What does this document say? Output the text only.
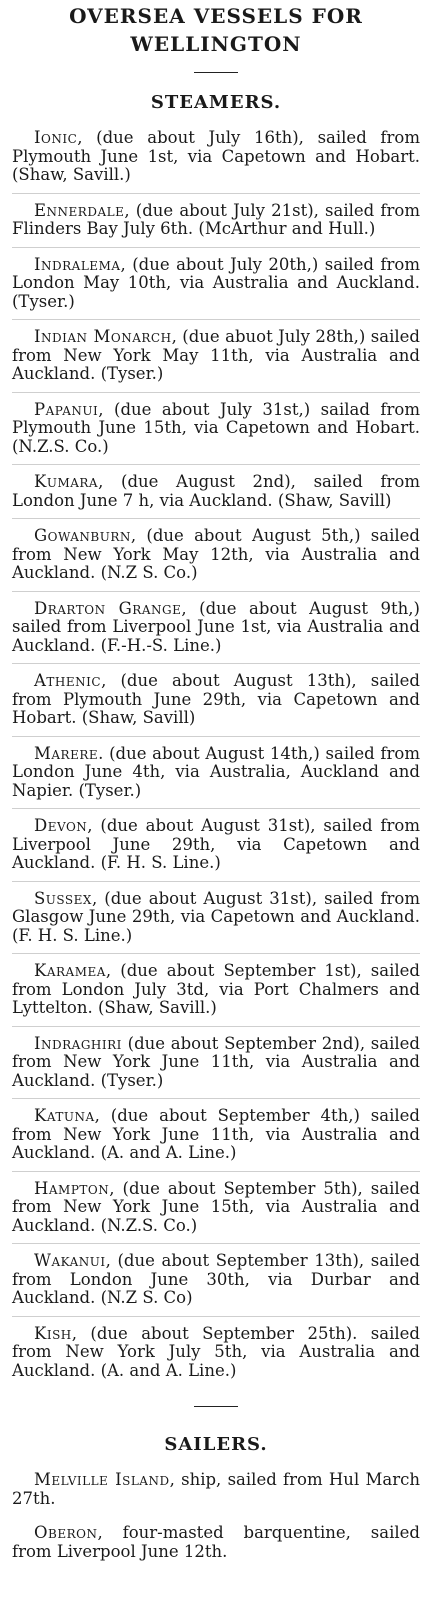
OVERSEA VESSELS FOR
WELLINGTON
STEAMERS.

Ionic, (due about July 16th), sailed from Plymouth June 1st, via Capetown and Hobart. (Shaw, Savill.)

Ennerdale, (due about July 21st), sailed from Flinders Bay July 6th. (McArthur and Hull.)

Indralema, (due about July 20th,) sailed from London May 10th, via Australia and Auckland. (Tyser.)

Indian Monarch, (due abuot July 28th,) sailed from New York May 11th, via Australia and Auckland. (Tyser.)

Papanui, (due about July 31st,) sailad from Plymouth June 15th, via Capetown and Hobart. (N.Z.S. Co.)

Kumara, (due August 2nd), sailed from London June 7 h, via Auckland. (Shaw, Savill)

Gowanburn, (due about August 5th,) sailed from New York May 12th, via Australia and Auckland. (N.Z S. Co.)

Drarton Grange, (due about August 9th,) sailed from Liverpool June 1st, via Australia and Auckland. (F.-H.-S. Line.)

Athenic, (due about August 13th), sailed from Plymouth June 29th, via Capetown and Hobart. (Shaw, Savill)

Marere. (due about August 14th,) sailed from London June 4th, via Australia, Auckland and Napier. (Tyser.)

Devon, (due about August 31st), sailed from Liverpool June 29th, via Capetown and Auckland. (F. H. S. Line.)

Sussex, (due about August 31st), sailed from Glasgow June 29th, via Capetown and Auckland. (F. H. S. Line.)

Karamea, (due about September 1st), sailed from London July 3td, via Port Chalmers and Lyttelton. (Shaw, Savill.)

Indraghiri (due about September 2nd), sailed from New York June 11th, via Australia and Auckland. (Tyser.)

Katuna, (due about September 4th,) sailed from New York June 11th, via Australia and Auckland. (A. and A. Line.)

Hampton, (due about September 5th), sailed from New York June 15th, via Australia and Auckland. (N.Z.S. Co.)

Wakanui, (due about September 13th), sailed from London June 30th, via Durbar and Auckland. (N.Z S. Co)

Kish, (due about September 25th). sailed from New York July 5th, via Australia and Auckland. (A. and A. Line.)

SAILERS.

Melville Island, ship, sailed from Hul March 27th.

Oberon, four-masted barquentine, sailed from Liverpool June 12th.
